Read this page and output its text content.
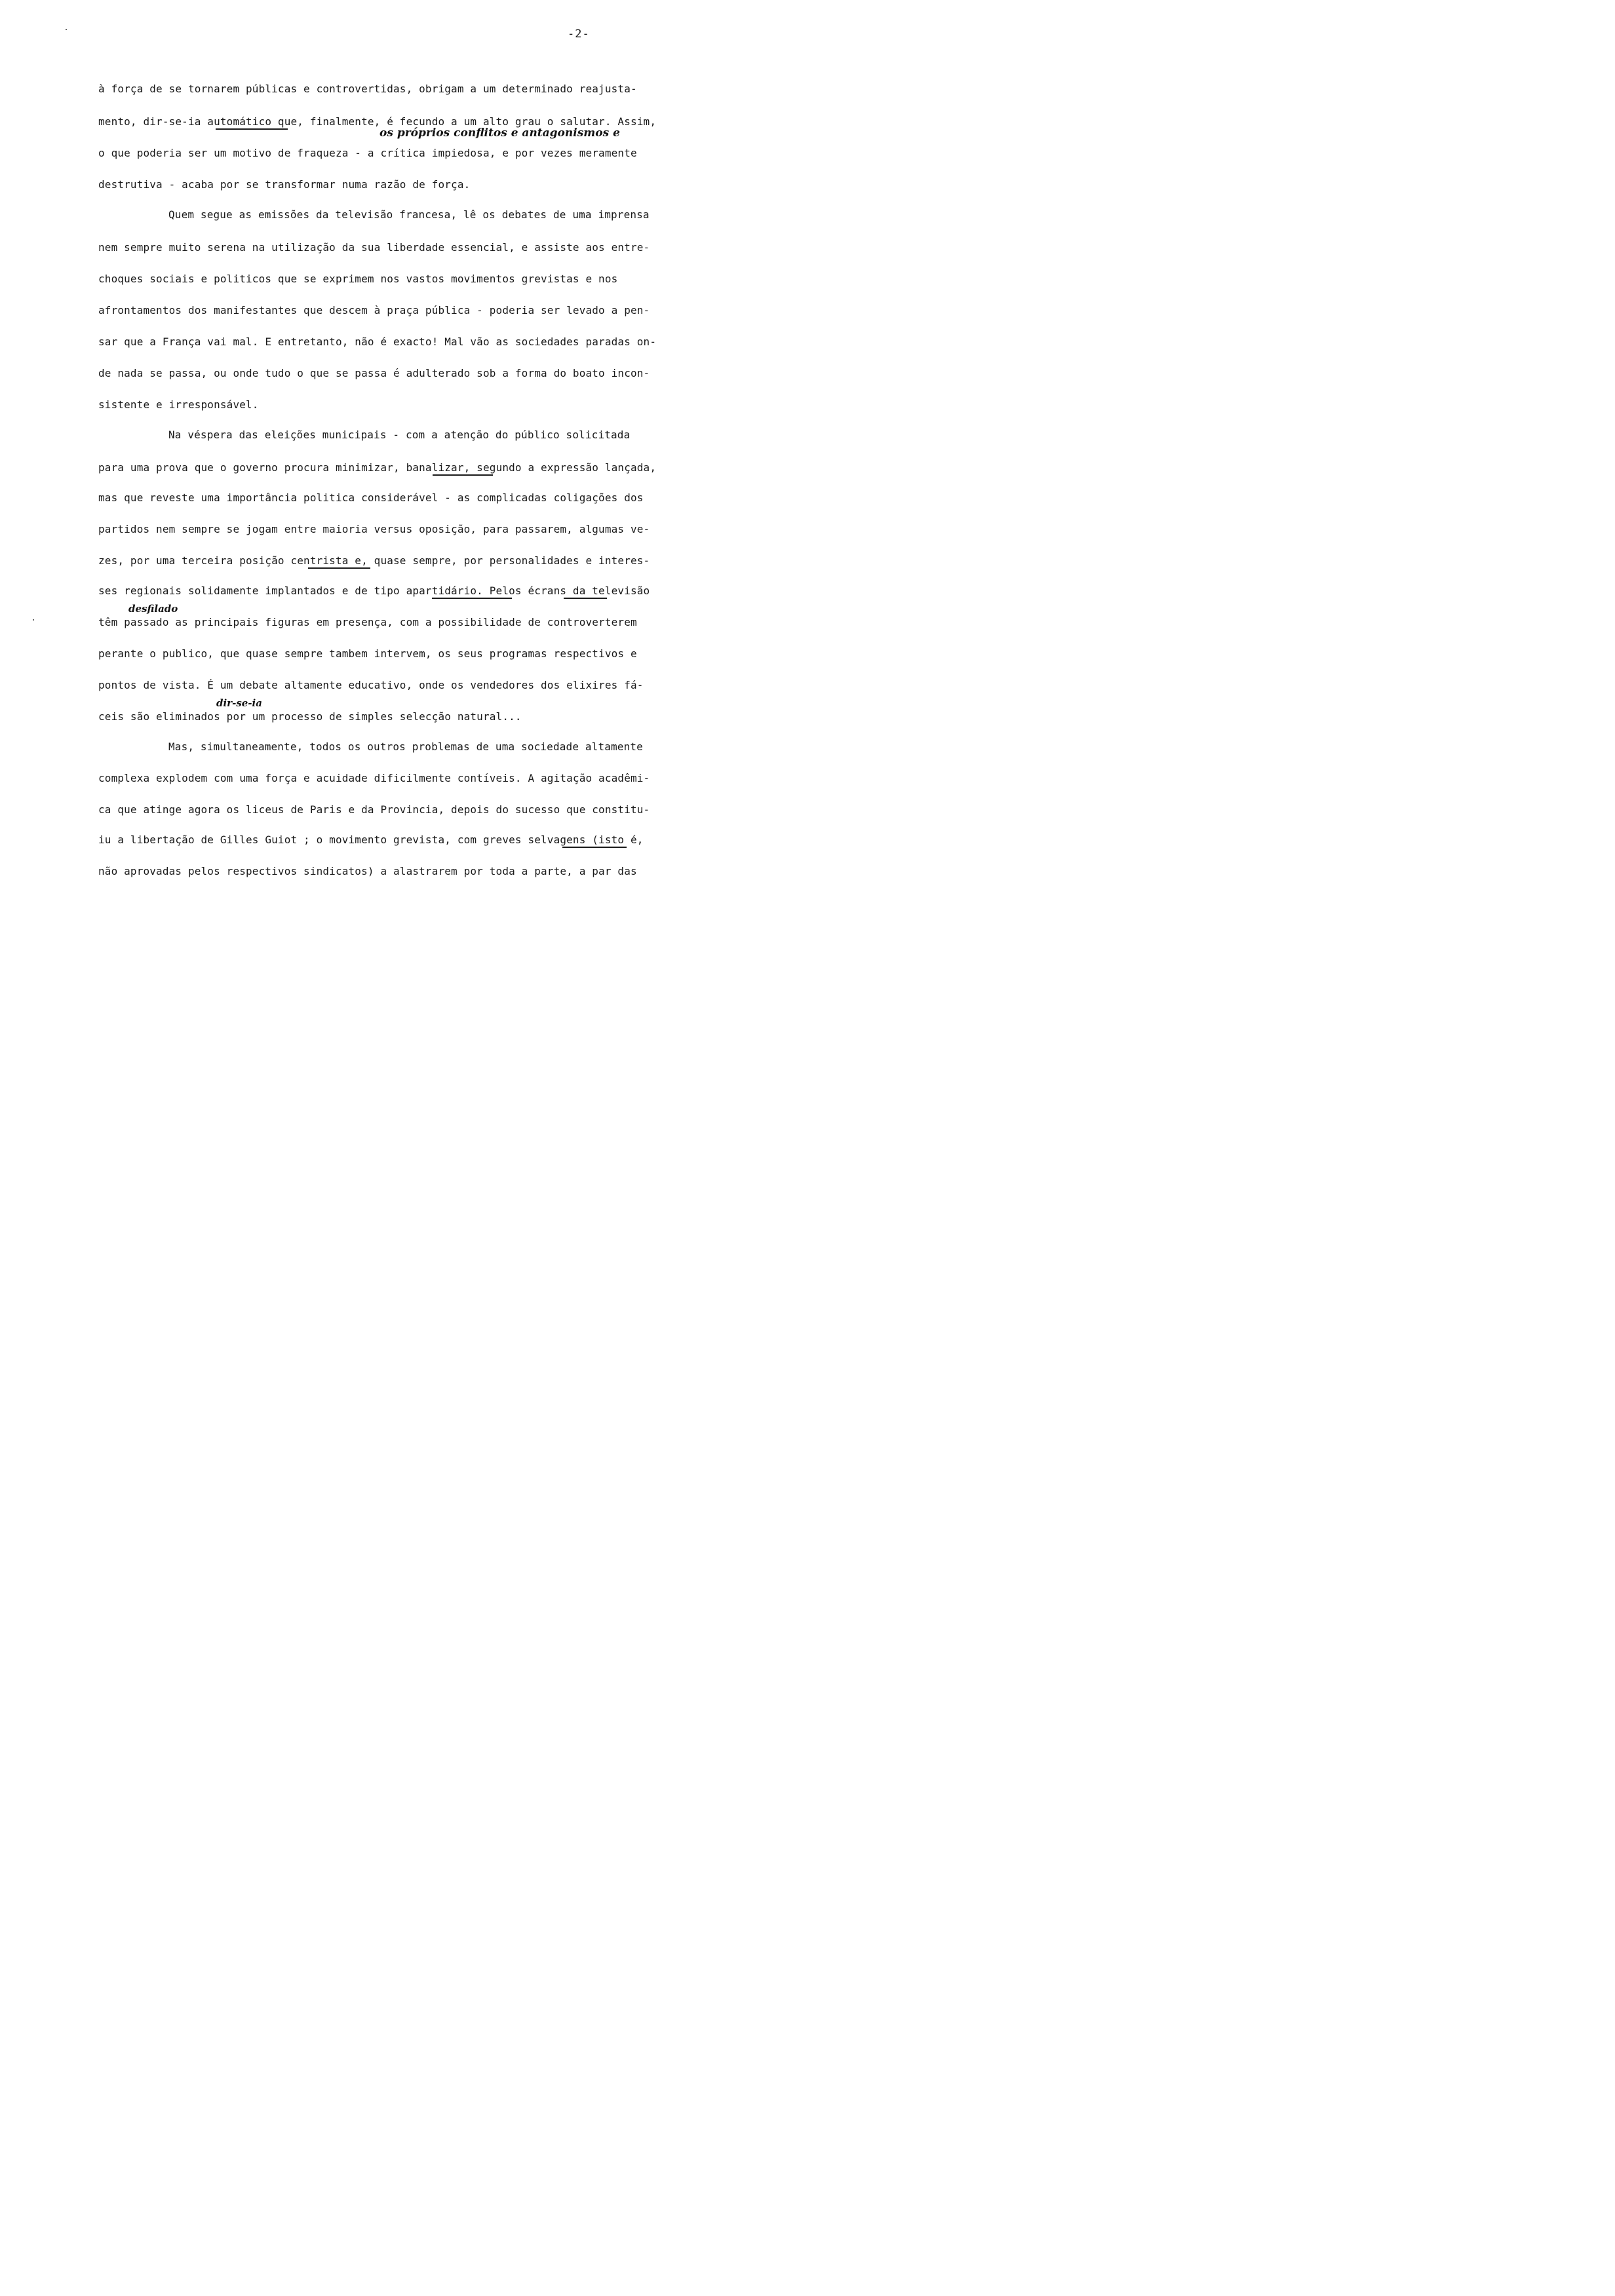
-2-
os próprios conflitos e antagonismos e
desfilado
dir-se-ia
à força de se tornarem públicas e controvertidas, obrigam a um determinado reajusta-
mento, dir-se-ia automático que, finalmente, é fecundo a um alto grau o salutar. Assim,
o que poderia ser um motivo de fraqueza - a crítica impiedosa, e por vezes meramente
destrutiva - acaba por se transformar numa razão de força.
Quem segue as emissões da televisão francesa, lê os debates de uma imprensa
nem sempre muito serena na utilização da sua liberdade essencial, e assiste aos entre-
choques sociais e politicos que se exprimem nos vastos movimentos grevistas e nos
afrontamentos dos manifestantes que descem à praça pública - poderia ser levado a pen-
sar que a França vai mal. E entretanto, não é exacto! Mal vão as sociedades paradas on-
de nada se passa, ou onde tudo o que se passa é adulterado sob a forma do boato incon-
sistente e irresponsável.
Na véspera das eleições municipais - com a atenção do público solicitada
para uma prova que o governo procura minimizar, banalizar, segundo a expressão lançada,
mas que reveste uma importância politica considerável - as complicadas coligações dos
partidos nem sempre se jogam entre maioria versus oposição, para passarem, algumas ve-
zes, por uma terceira posição centrista e, quase sempre, por personalidades e interes-
ses regionais solidamente implantados e de tipo apartidário. Pelos écrans da televisão
têm passado as principais figuras em presença, com a possibilidade de controverterem
perante o publico, que quase sempre tambem intervem, os seus programas respectivos e
pontos de vista. É um debate altamente educativo, onde os vendedores dos elixires fá-
ceis são eliminados por um processo de simples selecção natural...
Mas, simultaneamente, todos os outros problemas de uma sociedade altamente
complexa explodem com uma força e acuidade dificilmente contíveis. A agitação acadêmi-
ca que atinge agora os liceus de Paris e da Provincia, depois do sucesso que constitu-
iu a libertação de Gilles Guiot ; o movimento grevista, com greves selvagens (isto é,
não aprovadas pelos respectivos sindicatos) a alastrarem por toda a parte, a par das
